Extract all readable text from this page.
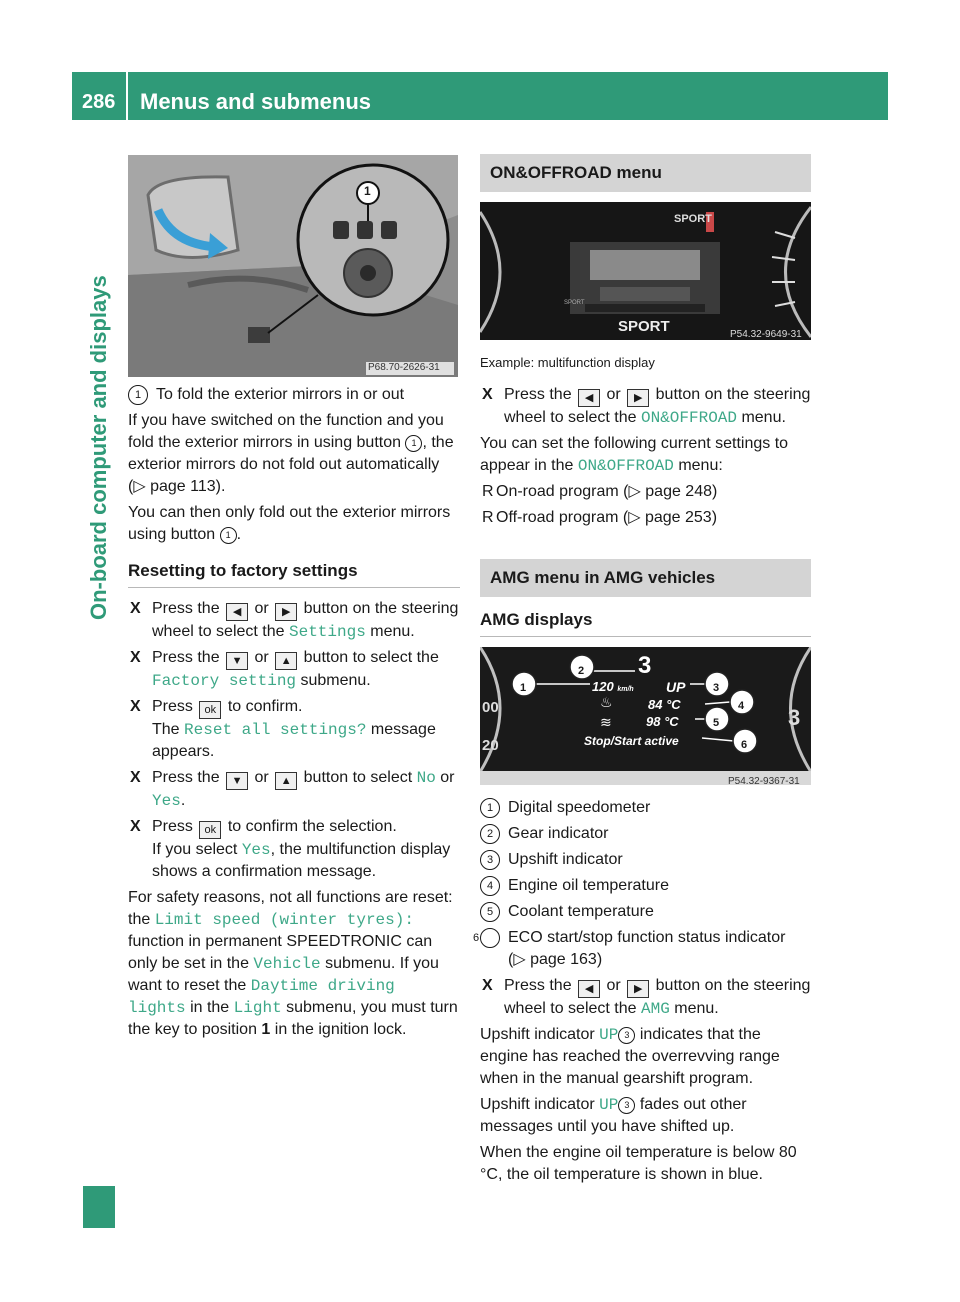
286 Menus and submenus
On-board computer and displays
1
P68.70-2626-31

1 To fold the exterior mirrors in or out

If you have switched on the function and you fold the exterior mirrors in using button 1 , the exterior mirrors do not fold out automatically (▷ page 113).

You can then only fold out the exterior mirrors using button 1 .

Resetting to factory settings
X Press the ◀ or ▶ button on the steering wheel to select the Settings menu.
X Press the ▼ or ▲ button to select the Factory setting submenu.
X Press ok to confirm.
The Reset all settings? message appears.
X Press the ▼ or ▲ button to select No or Yes.
X Press ok to confirm the selection.
If you select Yes, the multifunction display shows a confirmation message.

For safety reasons, not all functions are reset: the Limit speed (winter tyres): function in permanent SPEEDTRONIC can only be set in the Vehicle submenu. If you want to reset the Daytime driving lights in the Light submenu, you must turn the key to position 1 in the ignition lock.

ON&OFFROAD menu
SPORT
SPORT
SPORT
P54.32-9649-31
Example: multifunction display
X Press the ◀ or ▶ button on the steering wheel to select the ON&OFFROAD menu.

You can set the following current settings to appear in the ON&OFFROAD menu:

R On-road program (▷ page 248)
R Off-road program (▷ page 253)
AMG menu in AMG vehicles
AMG displays
2
1	3
4
5
6
3
120 km/h UP
♨	84 °C
≋	98 °C
Stop/Start active
00
20
3
P54.32-9367-31

1 Digital speedometer

2 Gear indicator

3 Upshift indicator

4 Engine oil temperature

5 Coolant temperature

6 ECO start/stop function status indicator
(▷ page 163)

X Press the ◀ or ▶ button on the steering wheel to select the AMG menu.

Upshift indicator UP 3 indicates that the engine has reached the overrevving range when in the manual gearshift program.

Upshift indicator UP 3 fades out other messages until you have shifted up.

When the engine oil temperature is below 80 °C, the oil temperature is shown in blue.
